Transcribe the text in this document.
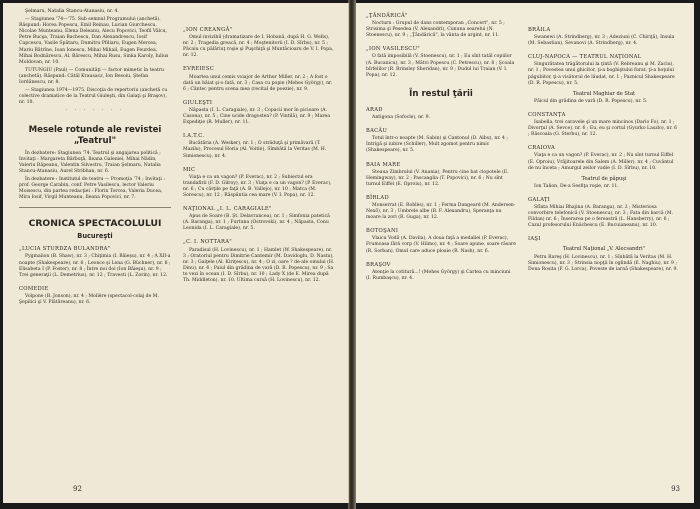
Şelmaru, Natalia Stancu-Atanasiu, nr. 4.

— Stagiunea '74—'75. Sub semnul Programului (anchetă). Răspund: Horea Popescu, Emil Reinau, Lucian Giurchescu, Nicolae Munteanu, Elena Deleanu, Alecu Popovici, Teofil Vâlcu, Petre Bucşa, Traian Bachescu, Dan Alexandrescu, Iosif Capcescu, Vasile Spătaru, Dumitru Pfiliaru, Eugen Mercea, Mariu Bătrîne, Ioan Ionescu, Mihai Mihail, Eugen Feurdea, Mihai Bodnărescu, Al. Bărescu, Mihai Rusu, Sinka Karoly, Iulius Moldovan, nr. 10.

TUTUNGIU (Paul) — Comunităţi — factor mimetic în teatru (anchetă). Răspund: Cătăl Krausacz, Ion Besoiu, Ştefan Iordănescu, nr. 8.

— Stagiunea 1974—1975. Discoţia de repertoriu (anchetă cu colective dramatice de la Teatrul Giuleşti, din Galaţi şi Braşov), nr. 10.

· · · · · · ·
Mesele rotunde ale revistei „Teatrul"

În dezbatere: Stagiunea '74. Teatrul şi angajarea politică ; Invitaţi : Margareta Bărbuţă, Ileana Galeniei, Mihai Nădin, Valeriu Râpeanu, Valentin Silvestru, Traian Şelmaru, Natalia Stancu-Atanasiu, Aurel Stribhan, nr. 6.

În dezbatere : Institutul de teatru — Promoţia '74 ; Invitaţi : prof. George Carabin, conf. Petre Vasilescu, lector Valeriu Moisescu, din partea redacţiei : Florin Torcea, Valeria Ducea, Mira Iosif, Virgil Munteanu, Ileana Popovici, nr. 7.

CRONICA SPECTACOLULUI
Bucureşti
„LUCIA STURDZA BULANDRA"

Pygmalion (B. Shaw), nr. 3 ; Chiţimia (I. Băieşu), nr. 4 ; A XII-a noapte (Shakespeare), nr. 6 ; Leonce şi Lena (G. Büchner), nr. 8 ; Elisabeta I (P. Foster), nr. 8 ; Între noi doi (Ion Băieşu), nr. 9 ; Trei generaţii (L. Demetrius), nr. 12 ; Travesti (L. Zorin), nr. 12.

COMEDIE

Volpone (B. Jonson), nr. 4 ; Molière (spectacol-colaj de M. Şepilici şi V. Plătăreanu), nr. 6.

„ION CREANGĂ"

Omul invizibil (dramatizare de I. Hobană, după H. G. Wells), nr. 2 ; Tragedia greacă, nr. 4 ; Moştenitorii (I. D. Sîrbu), nr. 5 ; Păcaiu cu pălăriuţ roşie şi Puşchiţă şi Muntăcioaru de V. I. Popa, nr. 12.

EVREIESC

Moartea unui comis voiajor de Arthur Miller, nr. 2 ; A fost o dată un băiat şi-o fată, nr. 3 ; Casa cu popie (Mehes György), nr. 6 ; Cântec pentru scena mea (recital de poezie), nr. 9.

GIULEŞTI

Năpasta (I. L. Caragiale), nr. 3 ; Copacii mor în picioare (A. Casona), nr. 5 ; Cine ucide dragostea? (P. Vintilă), nr. 9 ; Marea Expediţie (R. Muller), nr. 11.

I.A.T.C.

Bucătăria (A. Wesker), nr. 1 ; O străduţă şi primăvară (T. Mazilu), Procesul Horia (Al. Voitin), Sîmbătă la Veritas (M. H. Simionescu), nr. 4.

MIC

Viaţa e ca un vagon? (P. Everac), nr. 2 ; Subiectul era trandafirii (F. D. Gilroy), nr. 3 ; Viaţa e ca un vagon? (P. Everac), nr. 6 ; Cu cărţile pe faţă (A. B. Vallejo), nr. 10 ; Matca (M. Sorescu), nr. 12 ; Răspântia cea mare (V. I. Popa), nr. 12.

NAŢIONAL „I. L. CARAGIALE"

Apus de Soare (B. Şt. Delavrancea), nr. 1 ; Simfonia patetică (A. Baranga), nr. 1 ; Furtuna (Ostrovski), nr. 4 ; Năpasta, Conu Leonida (I. L. Caragiale), nr. 5.

„C. I. NOTTARA"

Paradisul (H. Lovinescu), nr. 1 ; Hamlet (W. Shakespeare), nr. 3 ; Oratoriul pentru Dimitrie Cantemir (M. Davidoglu, D. Nastu), nr. 3 ; Gaiţele (Al. Kiriţescu), nr. 4 ; O zi, oare ? de-ale omului (H. Dinu), nr. 6 ; Paiul din grădina de vară (D. R. Popescu), nr. 9 ; Sa te vezi în ocean (I. D. Sîrbu), nr. 10 ; Lady X (de E. Mirea după Th. Middleton), nr. 10. Ultima cursă (H. Lovinescu), nr. 12.

92
„ŢĂNDĂRICĂ"

Nocturn : Grupul de dans contemporan „Concert", nr. 5 ; Strisima şi Pesedea (V. Alexandri), Cununa searelui (N. Stoenescu), nr. 9 ; „Ţăndărică", la vânta de argint, nr. 11.

„ION VASILESCU"

O fată imposibilă (V. Stoenescu), nr. 1 ; Eu sînt tatăl copiilor (A. Bucanicu), nr. 3 ; Mătvi Popescu (C. Petrescu), nr. 8 ; Şcoala bîrfelilor (R. Brinsley Sheridan), nr. 9 ; Dudul lui Traian (V. I. Popa), nr. 12.

În restul ţării
ARAD

Antigona (Sofocle), nr. 9.

BACĂU

Totul într-o noapte (M. Sabin) şi Cantonul (D. Albu), nr. 4 ; Intrigă şi iubire (Schiller), Mult zgomot pentru nimic (Shakespeare), nr. 5.

BAIA MARE

Steaua Zimbrului (V. Anania), Pentru cine bat clopotele (E. Hemingway), nr. 2 ; Pascaaglia (T. Popovici), nr. 6 ; Nu sînt turnul Eiffel (E. Oproiu), nr. 12.

BÎRLAD

Monserrat (E. Roblès), nr. 1 ; Ferma Dangeard (M. Andersen-Nexő), nr. 3 ; Umbrele albe (B. F. Alexandru), Speranţa nu moare la zori (R. Guga), nr. 12.

BOTOŞANI

Vlaicu Vodă (A. Davila), A doua faţă a medaliei (P. Everac), Frumoasa fără corp (V. Hilmo), nr. 4 ; Soare apune, soare răsare (R. Sorban), Omul care aduce ploaie (R. Nash), nr. 6.

BRAŞOV

Atenţie la cotitură...! (Mehes György) şi Cartea cu minciuni (I. Rumbaşcu), nr. 4.

BRĂILA

Swanewi (A. Strindberg), nr. 3 ; Adeziuni (C. Chiriţă), Insula (M. Sebastian), Sevanovi (A. Strindberg), nr. 4.

CLUJ-NAPOCA — TEATRUL NAŢIONAL

Singurătatea trăgătorului la ţintă (V. Rebreanu şi M. Zaciu), nr. 1 ; Povestea unui ghicitor, ţi-a boghiştului furat, ţi-a hoţului păgubitor, ţi-a visătorul de lăudat, nr. 1 ; Paznicul Shakespeare (D. R. Popescu), nr. 5.

Teatrul Maghiar de Stat

Păicul din grădina de vară (D. R. Popescu), nr. 5.

CONSTANŢA

Isabella, trei caravele şi un mare mincinos (Dario Fo), nr. 1 ; Divorţul (A. Sevce), nr. 6 ; Eu, eu şi cortul (Gyurko Laszlo), nr. 6 ; Răscoala (G. Sterbu), nr. 12.

CRAIOVA

Viaţa e ca un vagon? (P. Everac), nr. 2 ; Nu sînt turnul Eiffel (E. Oproiu), Vrăjitoarele din Salem (A. Miller), nr. 4 ; Cuvântul de nu înceta ; Amurgul zeilor vadie (I. D. Sîrbu), nr. 10.

Teatrul de păpuşi

Ion Talion, De-a Sesfiţa roşie, nr. 11.

GALAŢI

Sfînta Mihiai Bhajina (A. Baranga), nr. 2 ; Misteriosa convorbire telefonică (V. Stoenescu), nr. 3 ; Fata din barcă (M. Fildan) nr. 6 ; Înserarea pe o fereastră (L. Hansberry), nr. 6 ; Cazul profesorului Enăchescu (E. Bucuianeanu), nr. 10.

IAŞI
Teatrul Naţional „V. Alecsandri"

Petru Rareş (H. Lovinescu), nr. 1 ; Sînbătă la Veritas (M. H. Simionescu), nr. 3 ; Strinsia nopţii în oglindă (E. Naghiu), nr. 9 ; Dona Rosita (F. G. Lorca), Poveste de iarnă (Shakespeare), nr. 9.

93
